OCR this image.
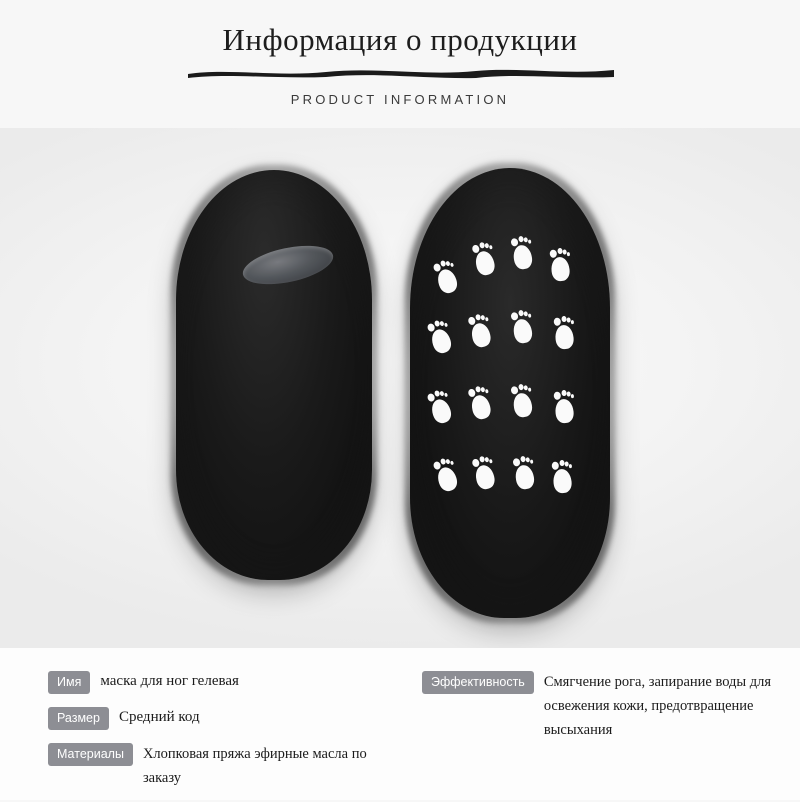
Информация о продукции
PRODUCT INFORMATION
Имя	маска для ног гелевая
Размер	Средний код
Материалы	Хлопковая пряжа эфирные масла по заказу
Эффективность	Смягчение рога, запирание воды для освежения кожи, предотвращение высыхания
